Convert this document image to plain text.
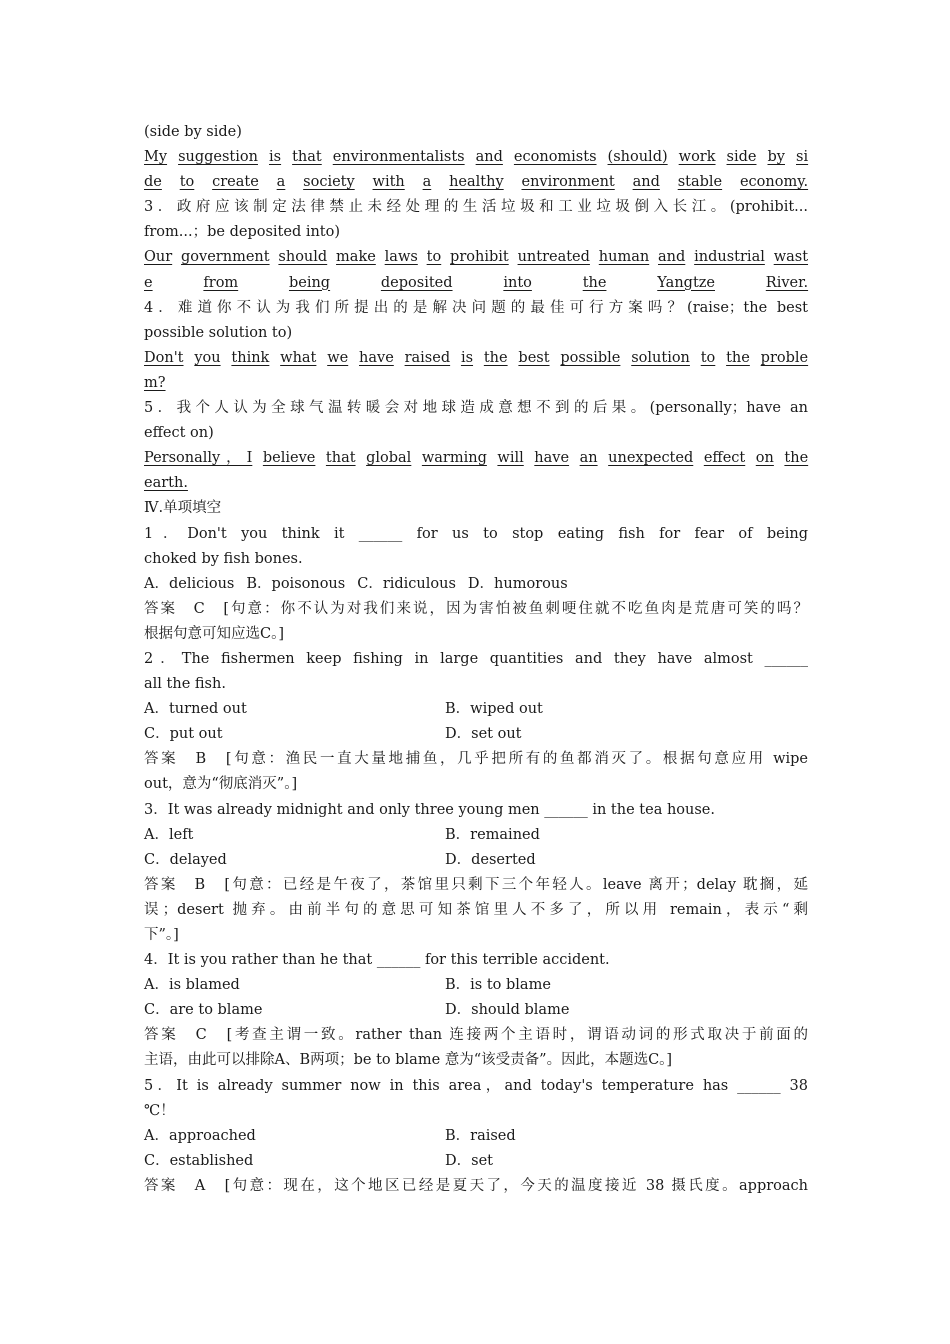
(side by side)
My suggestion is that environmentalists and economists (should) work side by si
de to create a society with a healthy environment and stable economy.
3．政府应该制定法律禁止未经处理的生活垃圾和工业垃圾倒入长江。(prohibit...
from...；be deposited into)
Our government should make laws to prohibit untreated human and industrial wast
e	from	being	deposited	into	the	Yangtze	River.
4．难道你不认为我们所提出的是解决问题的最佳可行方案吗？(raise；the best
possible solution to)
Don't you think what we have raised is the best possible solution to the proble
m?
5．我个人认为全球气温转暖会对地球造成意想不到的后果。(personally；have an
effect on)
Personally，I believe that global warming will have an unexpected effect on the
earth.
Ⅳ.单项填空
1．Don't you think it ______ for us to stop eating fish for fear of being
choked by fish bones.
A．delicious B．poisonous C．ridiculous D．humorous
答案　C　[句意：你不认为对我们来说，因为害怕被鱼刺哽住就不吃鱼肉是荒唐可笑的吗？
根据句意可知应选C。]
2．The fishermen keep fishing in large quantities and they have almost ______
all the fish.
A．turned out	B．wiped out
C．put out	D．set out
答案　B　[句意：渔民一直大量地捕鱼，几乎把所有的鱼都消灭了。根据句意应用 wipe
out，意为“彻底消灭”。]
3．It was already midnight and only three young men ______ in the tea house.
A．left	B．remained
C．delayed	D．deserted
答案　B　[句意：已经是午夜了，茶馆里只剩下三个年轻人。leave 离开；delay 耽搁，延
误；desert 抛弃。由前半句的意思可知茶馆里人不多了，所以用 remain，表示“剩
下”。]
4．It is you rather than he that ______ for this terrible accident.
A．is blamed	B．is to blame
C．are to blame	D．should blame
答案　C　[考查主谓一致。rather than 连接两个主语时，谓语动词的形式取决于前面的
主语，由此可以排除A、B两项；be to blame 意为“该受责备”。因此，本题选C。]
5．It is already summer now in this area，and today's temperature has ______ 38
℃！
A．approached	B．raised
C．established	D．set
答案　A　[句意：现在，这个地区已经是夏天了，今天的温度接近 38 摄氏度。approach
